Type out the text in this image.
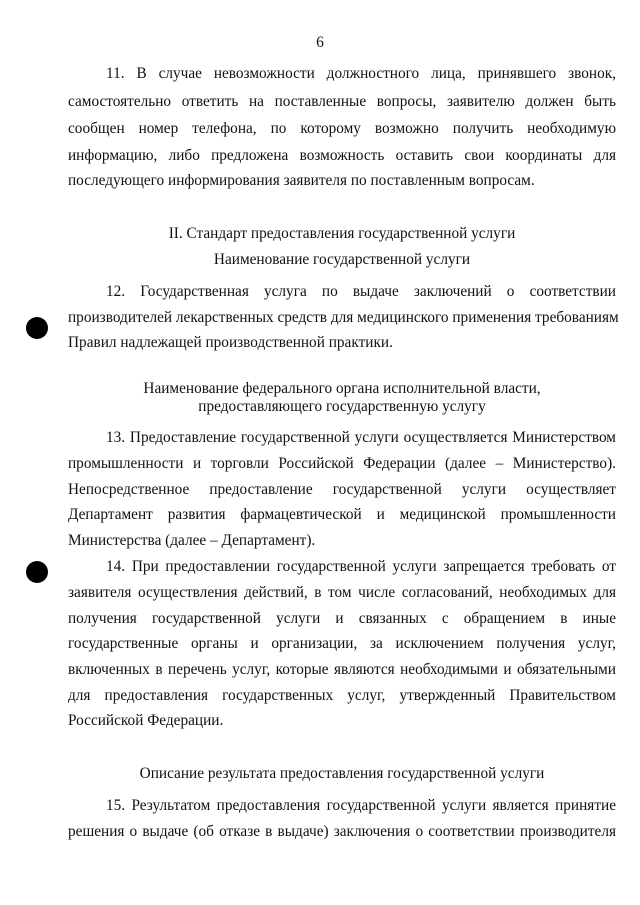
6
11. В случае невозможности должностного лица, принявшего звонок,
самостоятельно ответить на поставленные вопросы, заявителю должен быть
сообщен номер телефона, по которому возможно получить необходимую
информацию, либо предложена возможность оставить свои координаты для
последующего информирования заявителя по поставленным вопросам.
II. Стандарт предоставления государственной услуги
Наименование государственной услуги
12. Государственная услуга по выдаче заключений о соответствии
производителей лекарственных средств для медицинского применения требованиям
Правил надлежащей производственной практики.
Наименование федерального органа исполнительной власти,
предоставляющего государственную услугу
13. Предоставление государственной услуги осуществляется Министерством
промышленности и торговли Российской Федерации (далее – Министерство).
Непосредственное предоставление государственной услуги осуществляет
Департамент развития фармацевтической и медицинской промышленности
Министерства (далее – Департамент).
14. При предоставлении государственной услуги запрещается требовать от
заявителя осуществления действий, в том числе согласований, необходимых для
получения государственной услуги и связанных с обращением в иные
государственные органы и организации, за исключением получения услуг,
включенных в перечень услуг, которые являются необходимыми и обязательными
для предоставления государственных услуг, утвержденный Правительством
Российской Федерации.
Описание результата предоставления государственной услуги
15. Результатом предоставления государственной услуги является принятие
решения о выдаче (об отказе в выдаче) заключения о соответствии производителя
